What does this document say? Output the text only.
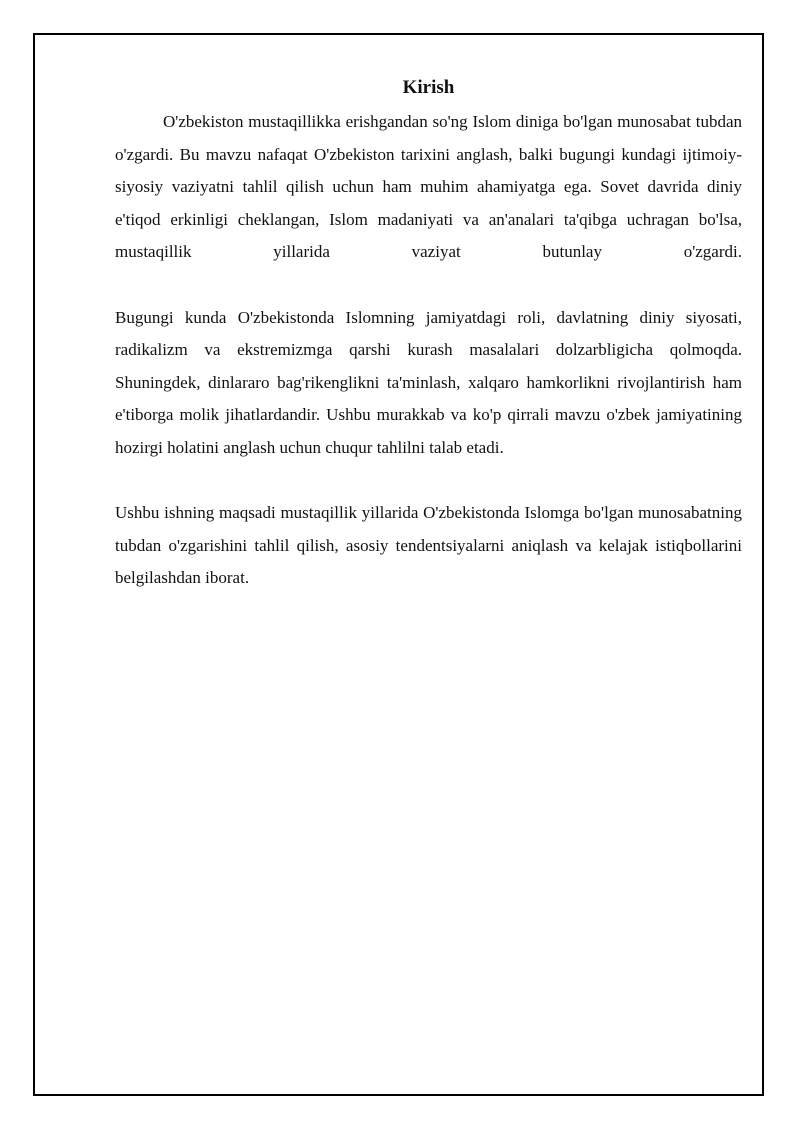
Kirish

O'zbekiston mustaqillikka erishgandan so'ng Islom diniga bo'lgan munosabat tubdan o'zgardi. Bu mavzu nafaqat O'zbekiston tarixini anglash, balki bugungi kundagi ijtimoiy-siyosiy vaziyatni tahlil qilish uchun ham muhim ahamiyatga ega. Sovet davrida diniy e'tiqod erkinligi cheklangan, Islom madaniyati va an'analari ta'qibga uchragan bo'lsa, mustaqillik yillarida vaziyat butunlay o'zgardi.

Bugungi kunda O'zbekistonda Islomning jamiyatdagi roli, davlatning diniy siyosati, radikalizm va ekstremizmga qarshi kurash masalalari dolzarbligicha qolmoqda. Shuningdek, dinlararo bag'rikenglikni ta'minlash, xalqaro hamkorlikni rivojlantirish ham e'tiborga molik jihatlardandir. Ushbu murakkab va ko'p qirrali mavzu o'zbek jamiyatining hozirgi holatini anglash uchun chuqur tahlilni talab etadi.

Ushbu ishning maqsadi mustaqillik yillarida O'zbekistonda Islomga bo'lgan munosabatning tubdan o'zgarishini tahlil qilish, asosiy tendentsiyalarni aniqlash va kelajak istiqbollarini belgilashdan iborat.
